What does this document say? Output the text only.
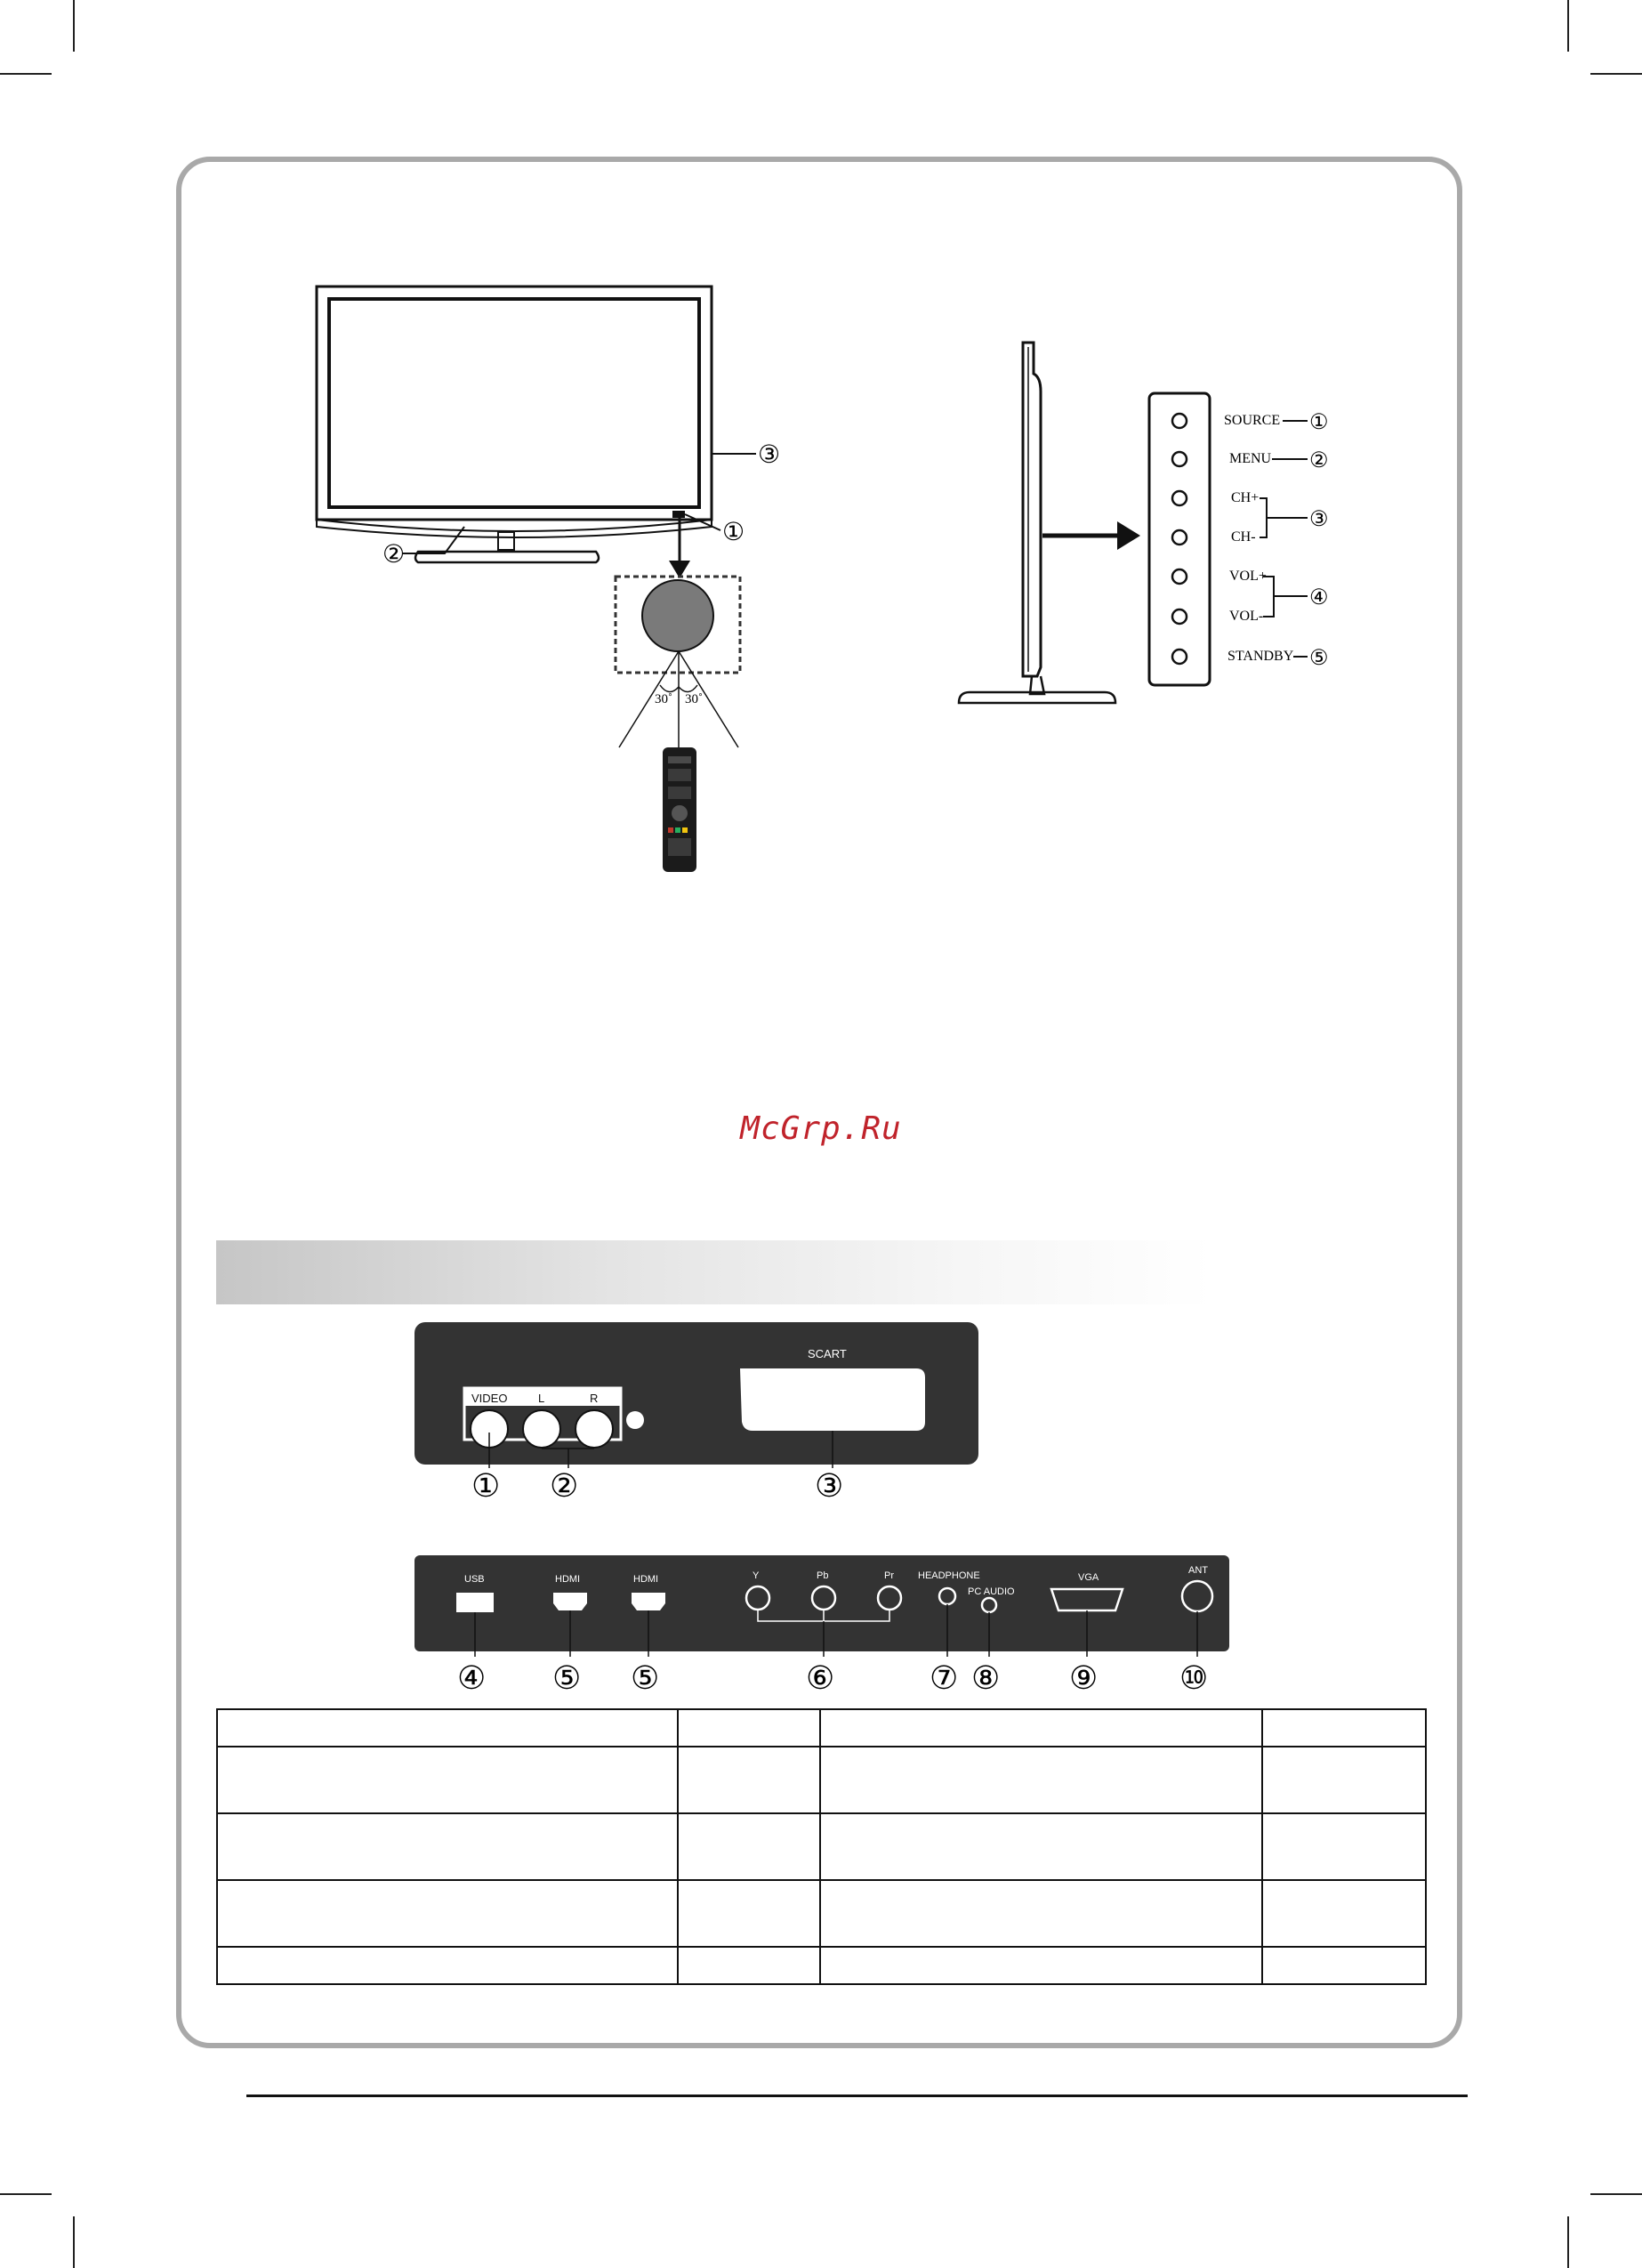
③
①
②
30˚ 30˚
SOURCE ①
MENU ②
CH+
CH-
③
VOL+
VOL-
④
STANDBY ⑤
McGrp.Ru
VIDEO	L	R
SCART
① ②	③
USB	HDMI	HDMI	Y	Pb	Pr HEADPHONE
PC AUDIO
VGA
ANT
④ ⑤ ⑤	⑥	⑦ ⑧ ⑨	⑩
